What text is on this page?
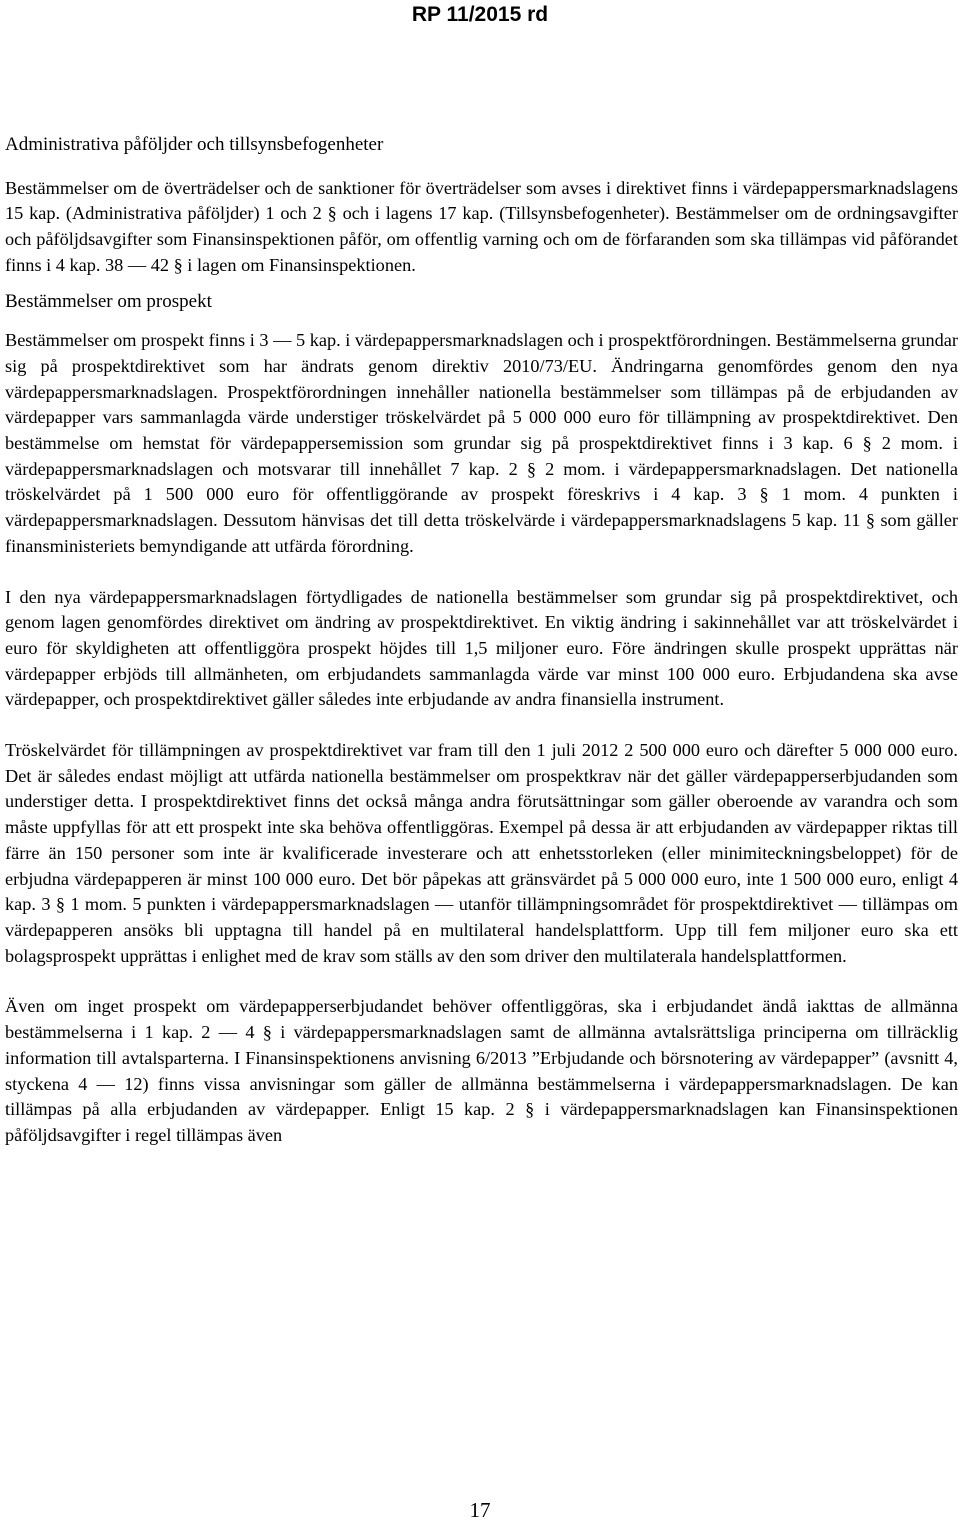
RP 11/2015 rd
Administrativa påföljder och tillsynsbefogenheter
Bestämmelser om de överträdelser och de sanktioner för överträdelser som avses i direktivet finns i värdepappersmarknadslagens 15 kap. (Administrativa påföljder) 1 och 2 § och i lagens 17 kap. (Tillsynsbefogenheter). Bestämmelser om de ordningsavgifter och påföljdsavgifter som Finansinspektionen påför, om offentlig varning och om de förfaranden som ska tillämpas vid påförandet finns i 4 kap. 38 — 42 § i lagen om Finansinspektionen.
Bestämmelser om prospekt
Bestämmelser om prospekt finns i 3 — 5 kap. i värdepappersmarknadslagen och i prospektförordningen. Bestämmelserna grundar sig på prospektdirektivet som har ändrats genom direktiv 2010/73/EU. Ändringarna genomfördes genom den nya värdepappersmarknadslagen. Prospektförordningen innehåller nationella bestämmelser som tillämpas på de erbjudanden av värdepapper vars sammanlagda värde understiger tröskelvärdet på 5 000 000 euro för tillämpning av prospektdirektivet. Den bestämmelse om hemstat för värdepappersemission som grundar sig på prospektdirektivet finns i 3 kap. 6 § 2 mom. i värdepappersmarknadslagen och motsvarar till innehållet 7 kap. 2 § 2 mom. i värdepappersmarknadslagen. Det nationella tröskelvärdet på 1 500 000 euro för offentliggörande av prospekt föreskrivs i 4 kap. 3 § 1 mom. 4 punkten i värdepappersmarknadslagen. Dessutom hänvisas det till detta tröskelvärde i värdepappersmarknadslagens 5 kap. 11 § som gäller finansministeriets bemyndigande att utfärda förordning.
I den nya värdepappersmarknadslagen förtydligades de nationella bestämmelser som grundar sig på prospektdirektivet, och genom lagen genomfördes direktivet om ändring av prospektdirektivet. En viktig ändring i sakinnehållet var att tröskelvärdet i euro för skyldigheten att offentliggöra prospekt höjdes till 1,5 miljoner euro. Före ändringen skulle prospekt upprättas när värdepapper erbjöds till allmänheten, om erbjudandets sammanlagda värde var minst 100 000 euro. Erbjudandena ska avse värdepapper, och prospektdirektivet gäller således inte erbjudande av andra finansiella instrument.
Tröskelvärdet för tillämpningen av prospektdirektivet var fram till den 1 juli 2012 2 500 000 euro och därefter 5 000 000 euro. Det är således endast möjligt att utfärda nationella bestämmelser om prospektkrav när det gäller värdepapperserbjudanden som understiger detta. I prospektdirektivet finns det också många andra förutsättningar som gäller oberoende av varandra och som måste uppfyllas för att ett prospekt inte ska behöva offentliggöras. Exempel på dessa är att erbjudanden av värdepapper riktas till färre än 150 personer som inte är kvalificerade investerare och att enhetsstorleken (eller minimiteckningsbeloppet) för de erbjudna värdepapperen är minst 100 000 euro. Det bör påpekas att gränsvärdet på 5 000 000 euro, inte 1 500 000 euro, enligt 4 kap. 3 § 1 mom. 5 punkten i värdepappersmarknadslagen — utanför tillämpningsområdet för prospektdirektivet — tillämpas om värdepapperen ansöks bli upptagna till handel på en multilateral handelsplattform. Upp till fem miljoner euro ska ett bolagsprospekt upprättas i enlighet med de krav som ställs av den som driver den multilaterala handelsplattformen.
Även om inget prospekt om värdepapperserbjudandet behöver offentliggöras, ska i erbjudandet ändå iakttas de allmänna bestämmelserna i 1 kap. 2 — 4 § i värdepappersmarknadslagen samt de allmänna avtalsrättsliga principerna om tillräcklig information till avtalsparterna. I Finansinspektionens anvisning 6/2013 ”Erbjudande och börsnotering av värdepapper” (avsnitt 4, styckena 4 — 12) finns vissa anvisningar som gäller de allmänna bestämmelserna i värdepappersmarknadslagen. De kan tillämpas på alla erbjudanden av värdepapper. Enligt 15 kap. 2 § i värdepappersmarknadslagen kan Finansinspektionen påföljdsavgifter i regel tillämpas även
17
